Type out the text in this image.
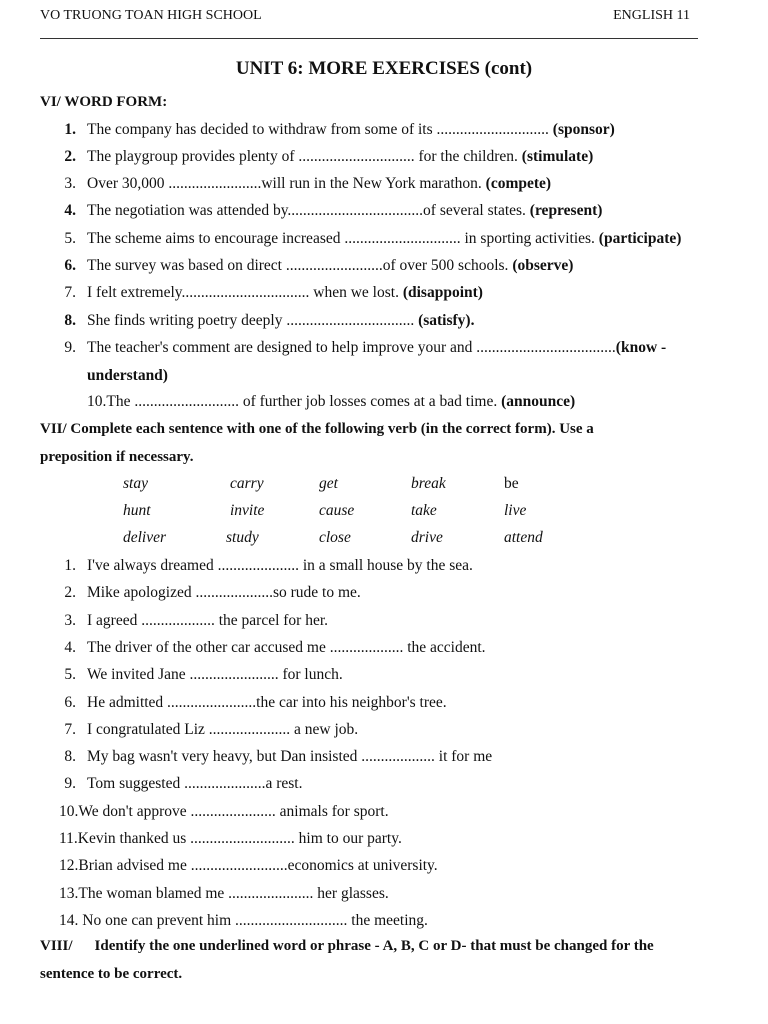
VO TRUONG TOAN HIGH SCHOOL	ENGLISH 11
UNIT 6: MORE EXERCISES (cont)
VI/ WORD FORM:
1. The company has decided to withdraw from some of its ............................. (sponsor)
2. The playgroup provides plenty of .............................. for the children. (stimulate)
3. Over 30,000 ........................will run in the New York marathon. (compete)
4. The negotiation was attended by...................................of several states. (represent)
5. The scheme aims to encourage increased .............................. in sporting activities. (participate)
6. The survey was based on direct .........................of over 500 schools. (observe)
7. I felt extremely................................. when we lost. (disappoint)
8. She finds writing poetry deeply ................................. (satisfy).
9. The teacher's comment are designed to help improve your and ....................................(know -
understand)
10.The ........................... of further job losses comes at a bad time. (announce)
VII/ Complete each sentence with one of the following verb (in the correct form). Use a
preposition if necessary.
stay	carry	get	break	be
hunt	invite	cause	take	live
deliver	study	close	drive	attend
1. I've always dreamed ..................... in a small house by the sea.
2. Mike apologized ....................so rude to me.
3. I agreed ................... the parcel for her.
4. The driver of the other car accused me ................... the accident.
5. We invited Jane ....................... for lunch.
6. He admitted .......................the car into his neighbor's tree.
7. I congratulated Liz ..................... a new job.
8. My bag wasn't very heavy, but Dan insisted ................... it for me
9. Tom suggested .....................a rest.
10.We don't approve ...................... animals for sport.
11.Kevin thanked us ........................... him to our party.
12.Brian advised me .........................economics at university.
13.The woman blamed me ...................... her glasses.
14. No one can prevent him ............................. the meeting.
VIII/ Identify the one underlined word or phrase - A, B, C or D- that must be changed for the
sentence to be correct.
